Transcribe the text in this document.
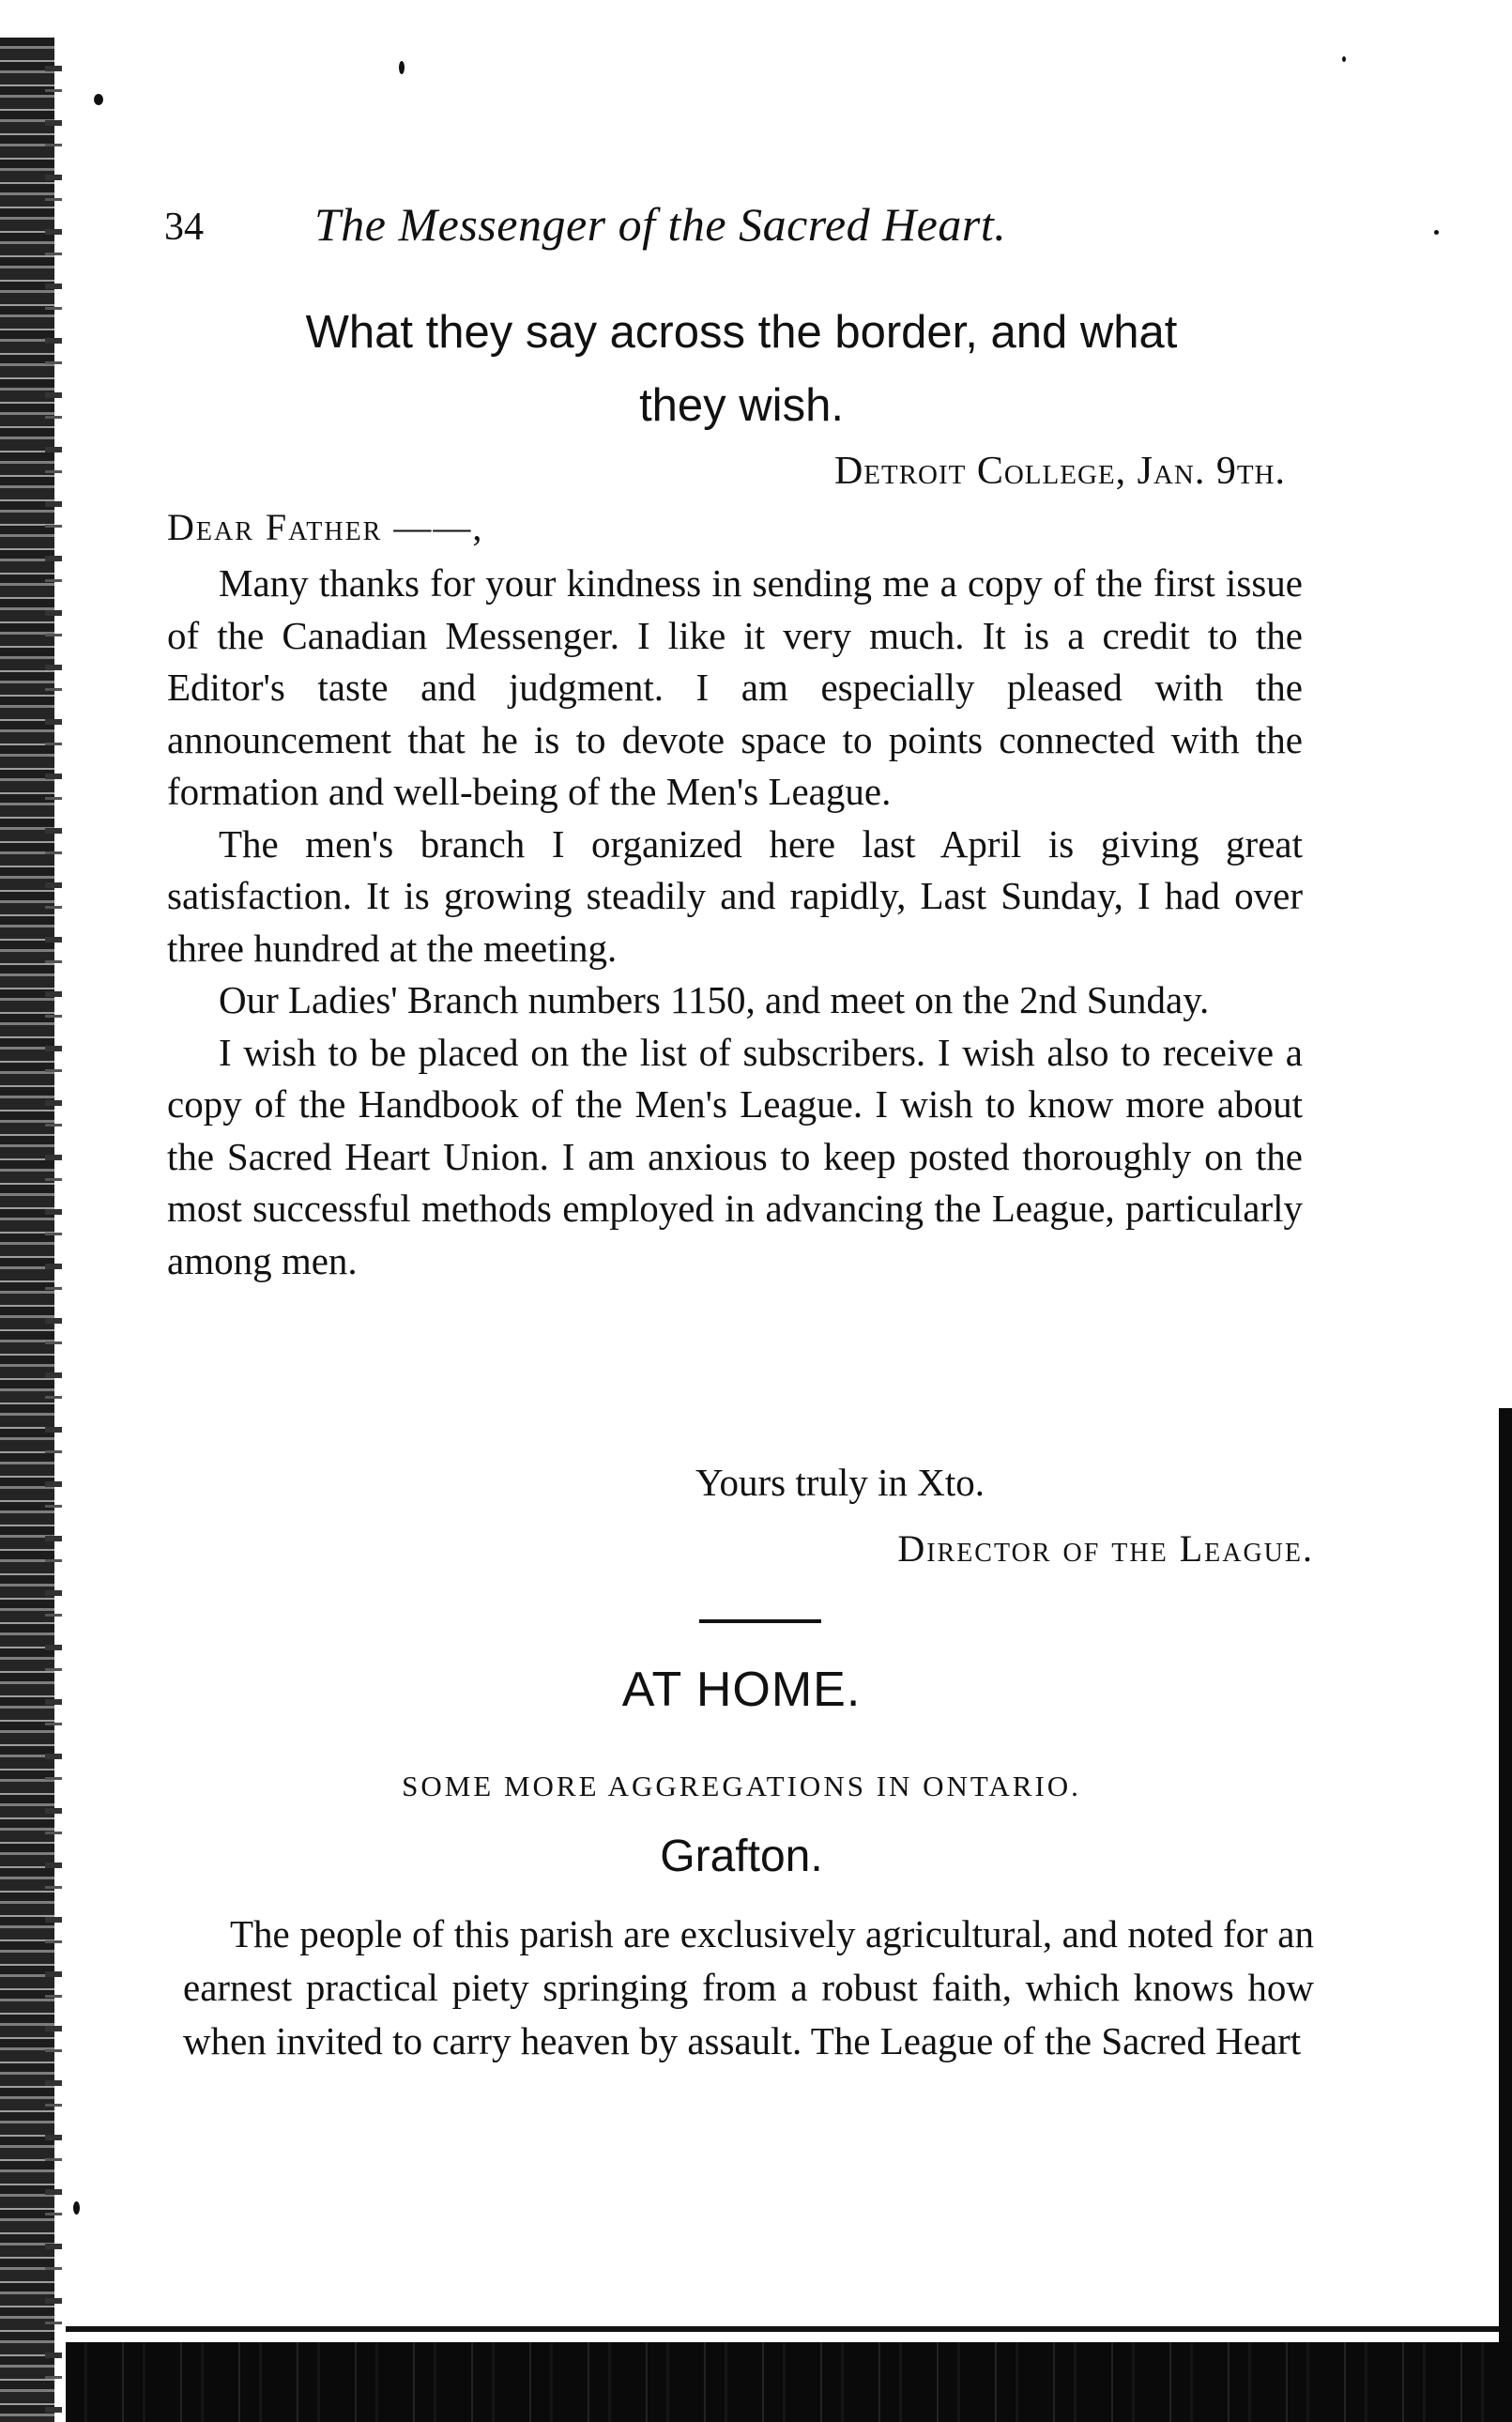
34 The Messenger of the Sacred Heart.
What they say across the border, and what
they wish.
Detroit College, Jan. 9th.
Dear Father ——,

Many thanks for your kindness in sending me a copy of the first issue of the Canadian Messenger. I like it very much. It is a credit to the Editor's taste and judgment. I am especially pleased with the announcement that he is to devote space to points connected with the formation and well-being of the Men's League.

The men's branch I organized here last April is giving great satisfaction. It is growing steadily and rapidly, Last Sunday, I had over three hundred at the meeting.

Our Ladies' Branch numbers 1150, and meet on the 2nd Sunday.

I wish to be placed on the list of subscribers. I wish also to receive a copy of the Handbook of the Men's League. I wish to know more about the Sacred Heart Union. I am anxious to keep posted thoroughly on the most successful methods employed in advancing the League, particularly among men.

Yours truly in Xto.
Director of the League.
AT HOME.
SOME MORE AGGREGATIONS IN ONTARIO.
Grafton.

The people of this parish are exclusively agricultural, and noted for an earnest practical piety springing from a robust faith, which knows how when invited to carry heaven by assault. The League of the Sacred Heart
